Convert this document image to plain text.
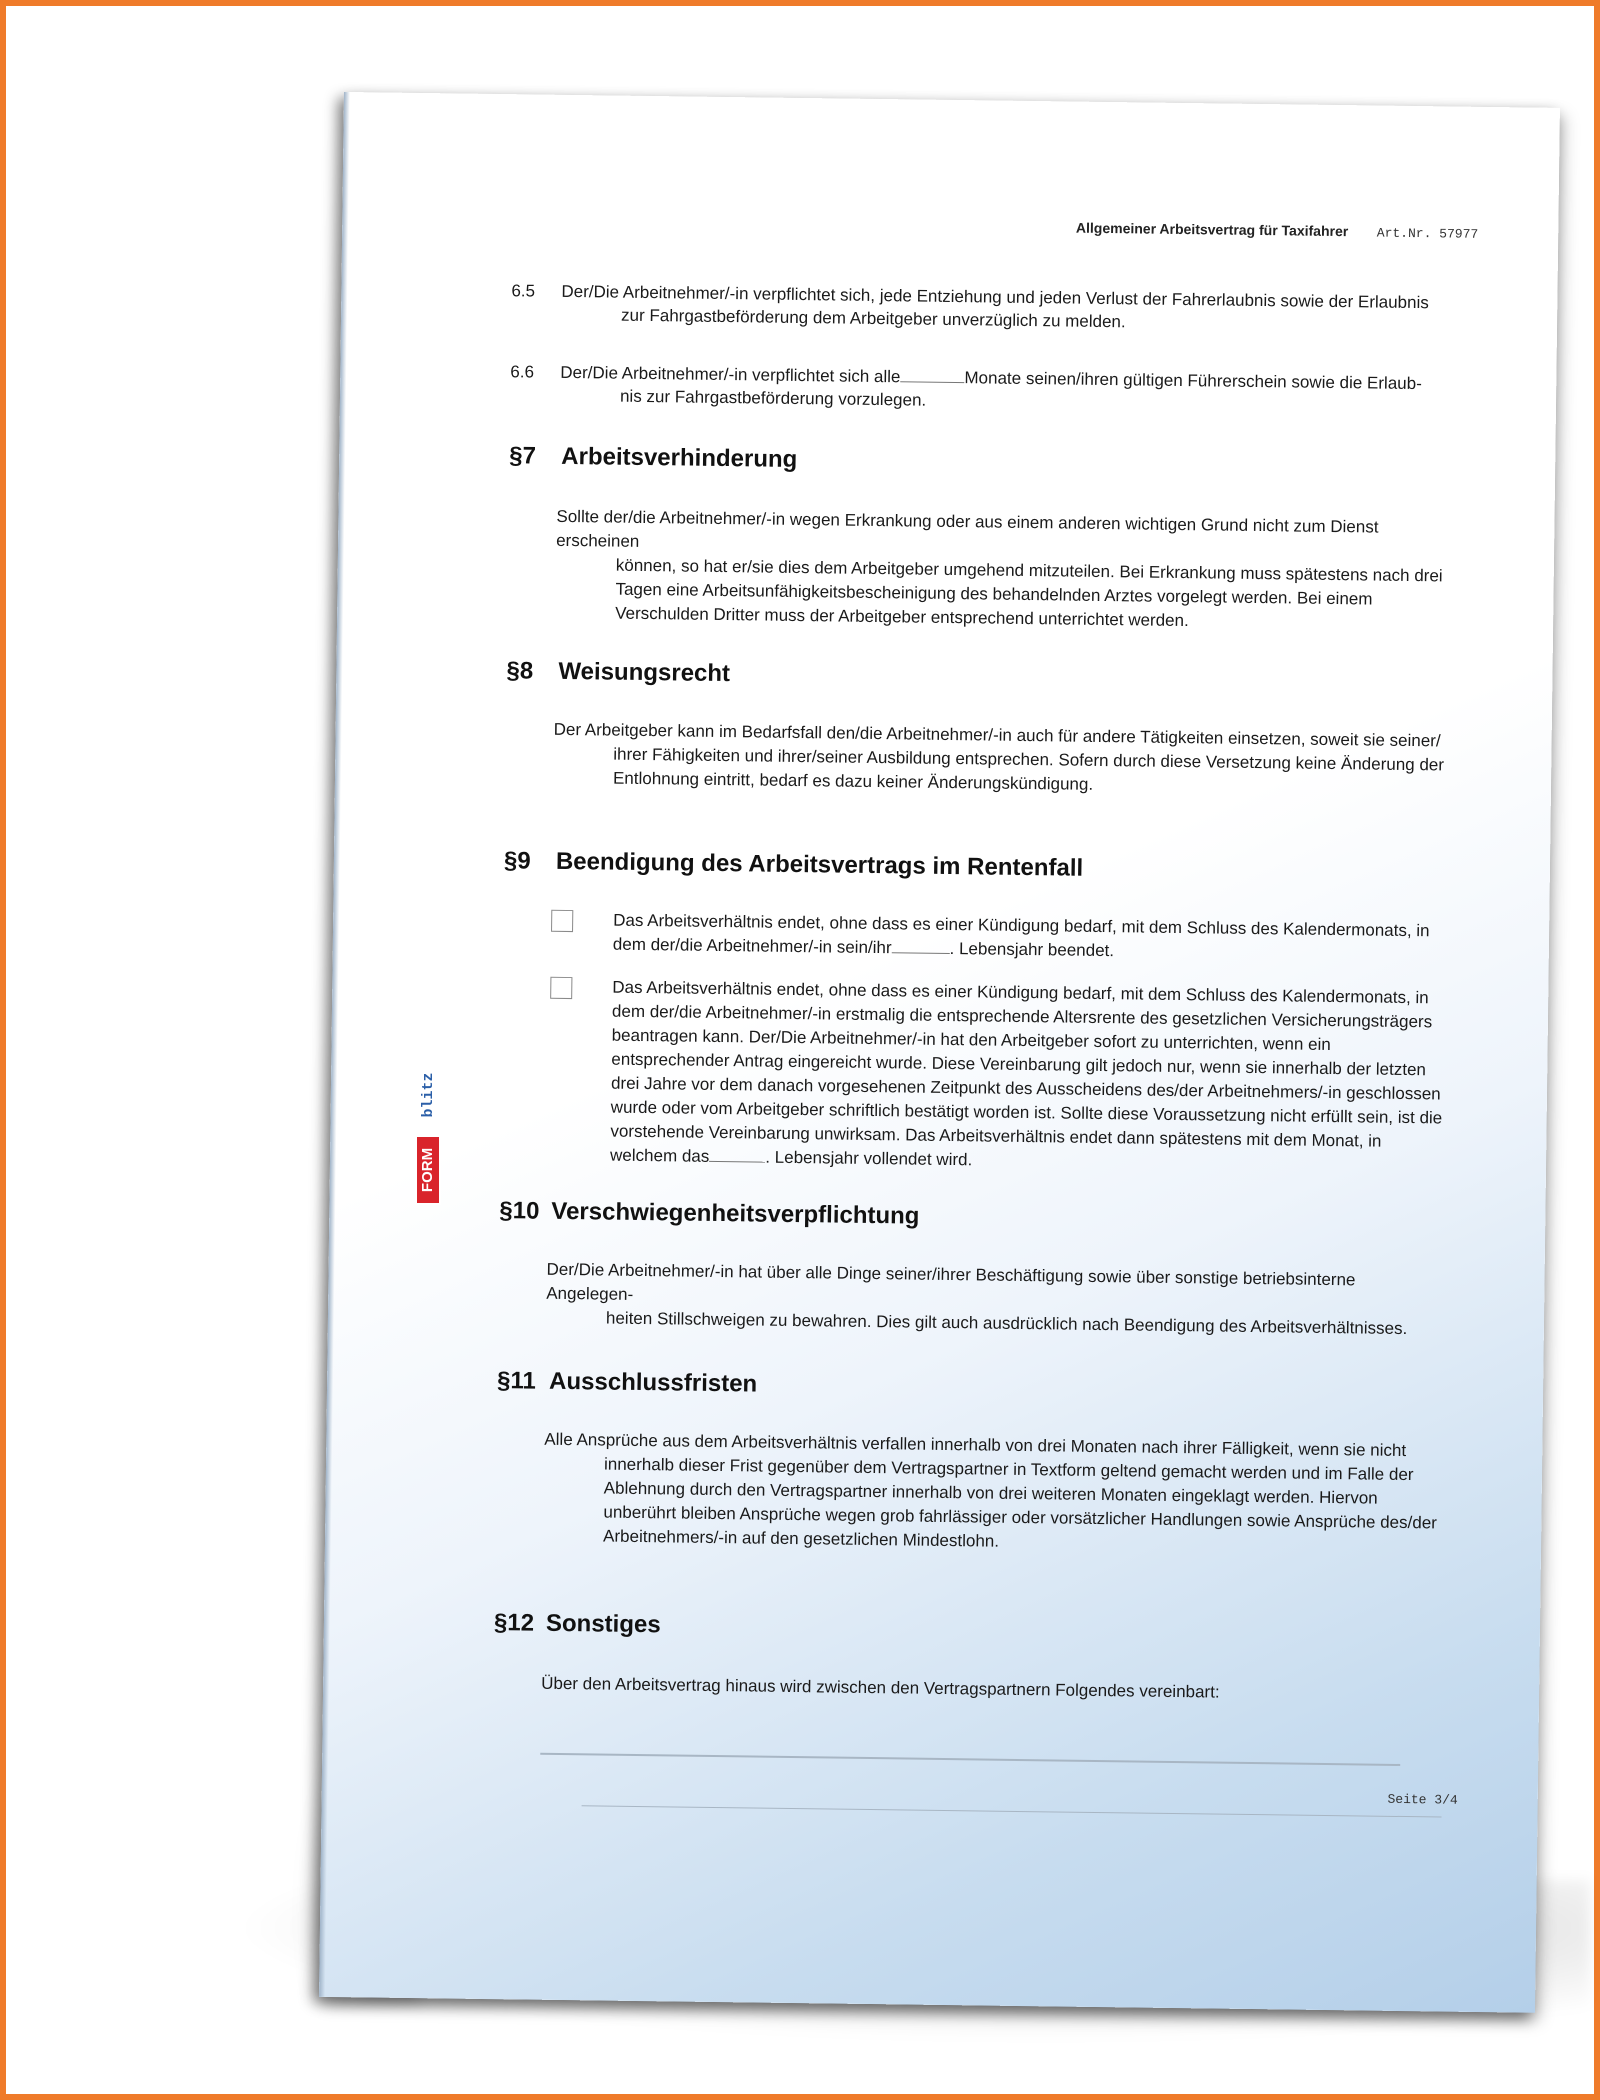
Allgemeiner Arbeitsvertrag für Taxifahrer Art.Nr. 57977
6.5 Der/Die Arbeitnehmer/-in verpflichtet sich, jede Entziehung und jeden Verlust der Fahrerlaubnis sowie der Erlaubnis
zur Fahrgastbeförderung dem Arbeitgeber unverzüglich zu melden.
6.6 Der/Die Arbeitnehmer/-in verpflichtet sich alle	Monate seinen/ihren gültigen Führerschein sowie die Erlaub-
nis zur Fahrgastbeförderung vorzulegen.
§7 Arbeitsverhinderung
Sollte der/die Arbeitnehmer/-in wegen Erkrankung oder aus einem anderen wichtigen Grund nicht zum Dienst erscheinen
können, so hat er/sie dies dem Arbeitgeber umgehend mitzuteilen. Bei Erkrankung muss spätestens nach drei Tagen eine Arbeitsunfähigkeitsbescheinigung des behandelnden Arztes vorgelegt werden. Bei einem Verschulden Dritter muss der Arbeitgeber entsprechend unterrichtet werden.
§8 Weisungsrecht
Der Arbeitgeber kann im Bedarfsfall den/die Arbeitnehmer/-in auch für andere Tätigkeiten einsetzen, soweit sie seiner/
ihrer Fähigkeiten und ihrer/seiner Ausbildung entsprechen. Sofern durch diese Versetzung keine Änderung der Entlohnung eintritt, bedarf es dazu keiner Änderungskündigung.
§9 Beendigung des Arbeitsvertrags im Rentenfall
Das Arbeitsverhältnis endet, ohne dass es einer Kündigung bedarf, mit dem Schluss des Kalendermonats, in dem der/die Arbeitnehmer/-in sein/ihr	. Lebensjahr beendet.
Das Arbeitsverhältnis endet, ohne dass es einer Kündigung bedarf, mit dem Schluss des Kalendermonats, in dem der/die Arbeitnehmer/-in erstmalig die entsprechende Altersrente des gesetzlichen Versicherungsträgers beantragen kann. Der/Die Arbeitnehmer/-in hat den Arbeitgeber sofort zu unterrichten, wenn ein entsprechender Antrag eingereicht wurde. Diese Vereinbarung gilt jedoch nur, wenn sie innerhalb der letzten drei Jahre vor dem danach vorgesehenen Zeitpunkt des Ausscheidens des/der Arbeitnehmers/-in geschlossen wurde oder vom Arbeitgeber schriftlich bestätigt worden ist. Sollte diese Voraussetzung nicht erfüllt sein, ist die vorstehende Vereinbarung unwirksam. Das Arbeitsverhältnis endet dann spätestens mit dem Monat, in welchem das	. Lebensjahr vollendet wird.
§10 Verschwiegenheitsverpflichtung
Der/Die Arbeitnehmer/-in hat über alle Dinge seiner/ihrer Beschäftigung sowie über sonstige betriebsinterne Angelegen-
heiten Stillschweigen zu bewahren. Dies gilt auch ausdrücklich nach Beendigung des Arbeitsverhältnisses.
§11 Ausschlussfristen
Alle Ansprüche aus dem Arbeitsverhältnis verfallen innerhalb von drei Monaten nach ihrer Fälligkeit, wenn sie nicht
innerhalb dieser Frist gegenüber dem Vertragspartner in Textform geltend gemacht werden und im Falle der Ablehnung durch den Vertragspartner innerhalb von drei weiteren Monaten eingeklagt werden. Hiervon unberührt bleiben Ansprüche wegen grob fahrlässiger oder vorsätzlicher Handlungen sowie Ansprüche des/der Arbeitnehmers/-in auf den gesetzlichen Mindestlohn.
§12 Sonstiges
Über den Arbeitsvertrag hinaus wird zwischen den Vertragspartnern Folgendes vereinbart:
Seite 3/4
FORM
blitz
